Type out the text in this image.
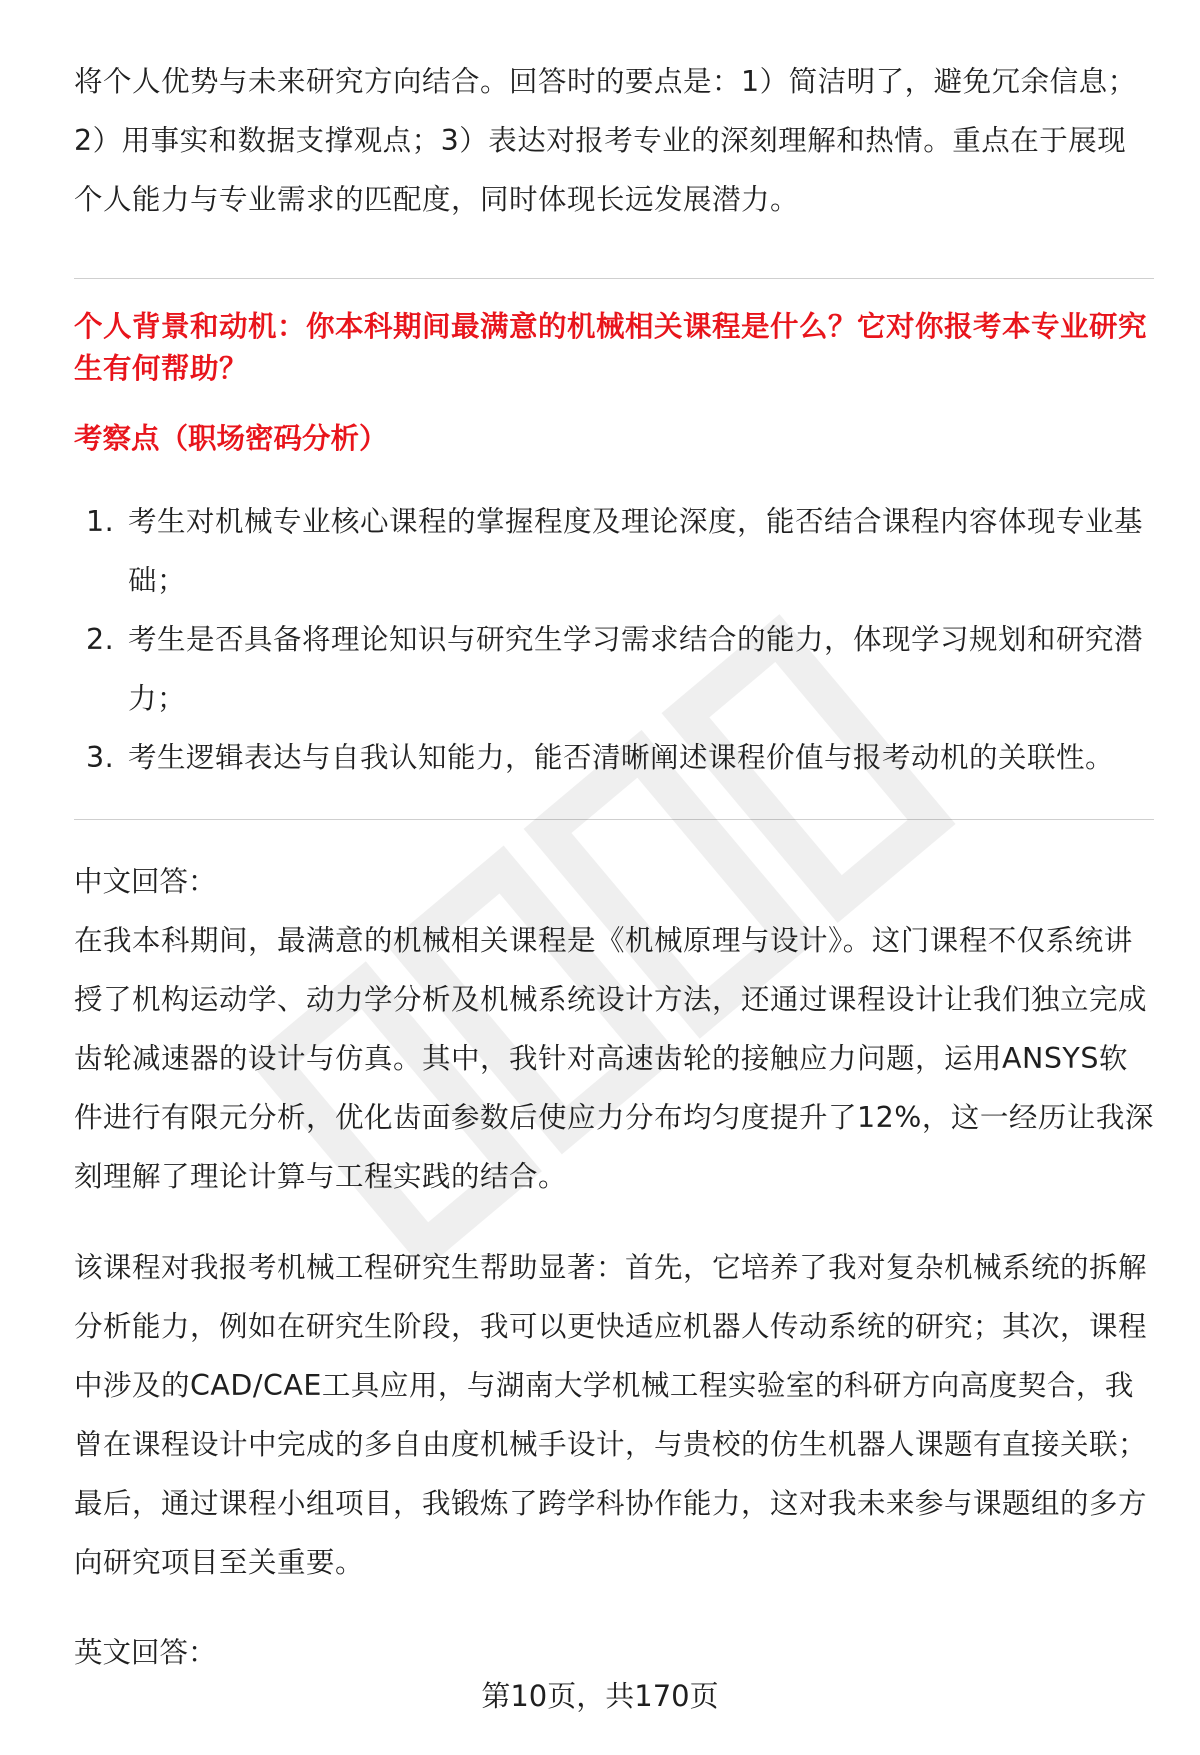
将个人优势与未来研究方向结合。回答时的要点是：1）简洁明了，避免冗余信息；2）用事实和数据支撑观点；3）表达对报考专业的深刻理解和热情。重点在于展现个人能力与专业需求的匹配度，同时体现长远发展潜力。

个人背景和动机：你本科期间最满意的机械相关课程是什么？它对你报考本专业研究生有何帮助？
考察点（职场密码分析）
1. 考生对机械专业核心课程的掌握程度及理论深度，能否结合课程内容体现专业基础；
2. 考生是否具备将理论知识与研究生学习需求结合的能力，体现学习规划和研究潜力；
3. 考生逻辑表达与自我认知能力，能否清晰阐述课程价值与报考动机的关联性。

中文回答：

在我本科期间，最满意的机械相关课程是《机械原理与设计》。这门课程不仅系统讲授了机构运动学、动力学分析及机械系统设计方法，还通过课程设计让我们独立完成齿轮减速器的设计与仿真。其中，我针对高速齿轮的接触应力问题，运用ANSYS软件进行有限元分析，优化齿面参数后使应力分布均匀度提升了12%，这一经历让我深刻理解了理论计算与工程实践的结合。

该课程对我报考机械工程研究生帮助显著：首先，它培养了我对复杂机械系统的拆解分析能力，例如在研究生阶段，我可以更快适应机器人传动系统的研究；其次，课程中涉及的CAD/CAE工具应用，与湖南大学机械工程实验室的科研方向高度契合，我曾在课程设计中完成的多自由度机械手设计，与贵校的仿生机器人课题有直接关联；最后，通过课程小组项目，我锻炼了跨学科协作能力，这对我未来参与课题组的多方向研究项目至关重要。

英文回答：

第10页，共170页
